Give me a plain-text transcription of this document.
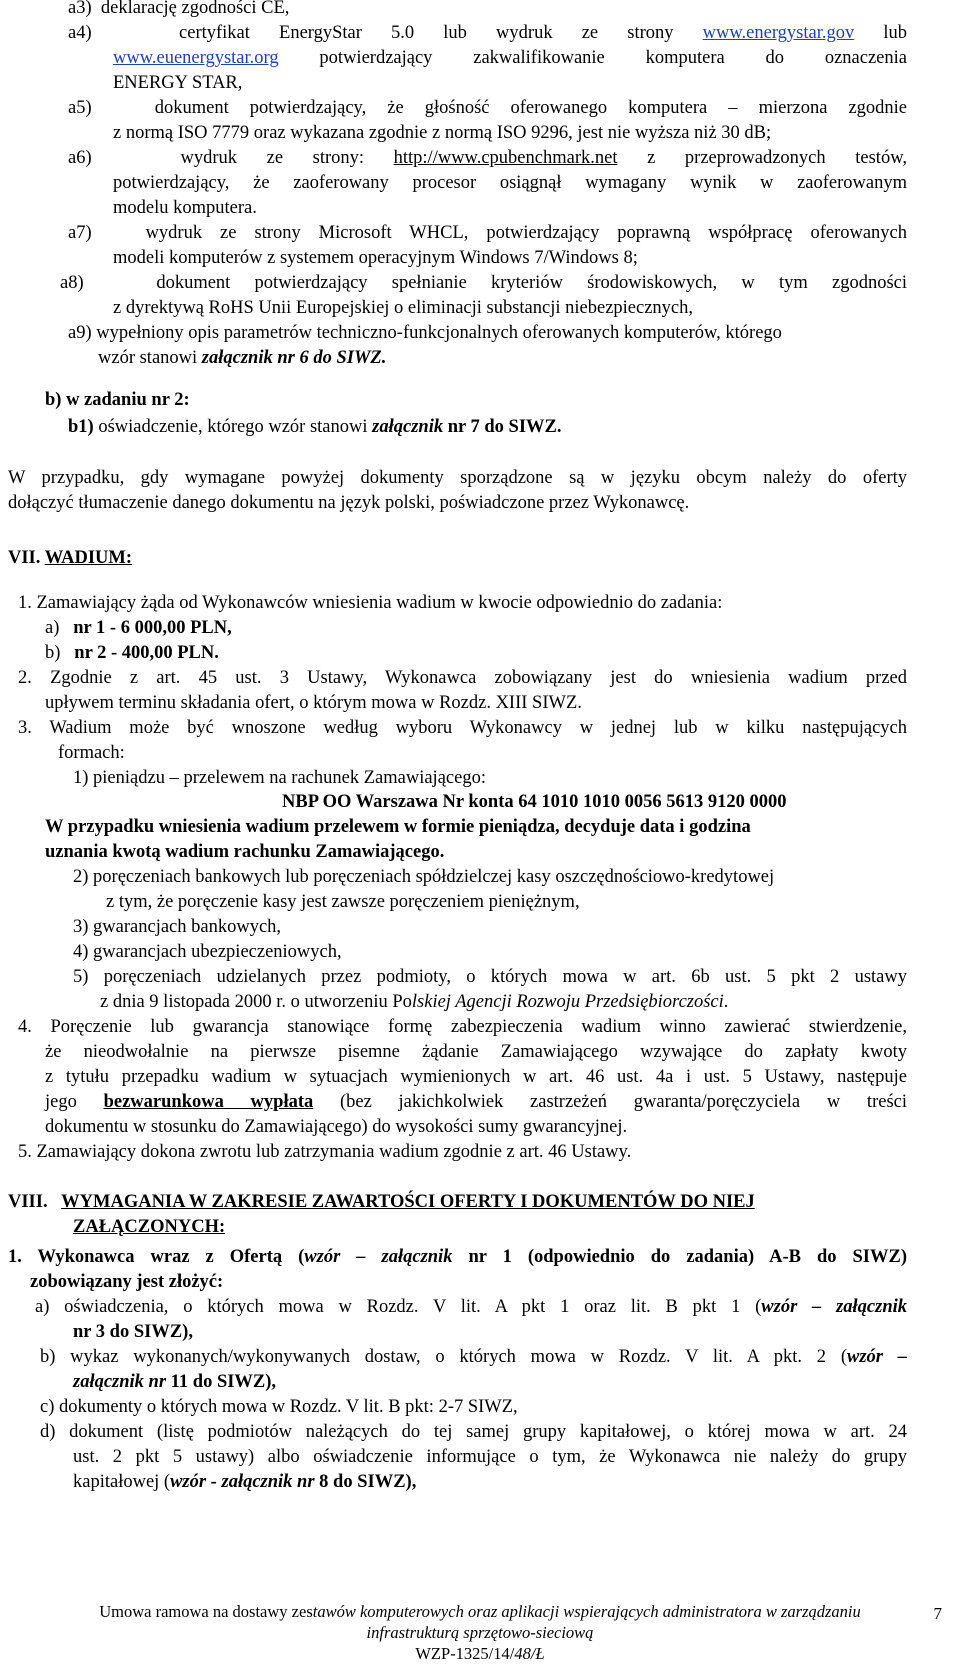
a3) deklarację zgodności CE,
a4)	certyfikat EnergyStar 5.0 lub wydruk ze strony www.energystar.gov lub
www.euenergystar.org potwierdzający zakwalifikowanie komputera do oznaczenia
ENERGY STAR,
a5)	dokument potwierdzający, że głośność oferowanego komputera – mierzona zgodnie
z normą ISO 7779 oraz wykazana zgodnie z normą ISO 9296, jest nie wyższa niż 30 dB;
a6)	wydruk ze strony: http://www.cpubenchmark.net z przeprowadzonych testów,
potwierdzający, że zaoferowany procesor osiągnął wymagany wynik w zaoferowanym
modelu komputera.
a7)	wydruk ze strony Microsoft WHCL, potwierdzający poprawną współpracę oferowanych
modeli komputerów z systemem operacyjnym Windows 7/Windows 8;
a8)	dokument potwierdzający spełnianie kryteriów środowiskowych, w tym zgodności
z dyrektywą RoHS Unii Europejskiej o eliminacji substancji niebezpiecznych,
a9) wypełniony opis parametrów techniczno-funkcjonalnych oferowanych komputerów, którego
wzór stanowi załącznik nr 6 do SIWZ.
b) w zadaniu nr 2:
b1) oświadczenie, którego wzór stanowi załącznik nr 7 do SIWZ.
W przypadku, gdy wymagane powyżej dokumenty sporządzone są w języku obcym należy do oferty
dołączyć tłumaczenie danego dokumentu na język polski, poświadczone przez Wykonawcę.
VII. WADIUM:
1. Zamawiający żąda od Wykonawców wniesienia wadium w kwocie odpowiednio do zadania:
a) nr 1 - 6 000,00 PLN,
b) nr 2 - 400,00 PLN.
2. Zgodnie z art. 45 ust. 3 Ustawy, Wykonawca zobowiązany jest do wniesienia wadium przed
upływem terminu składania ofert, o którym mowa w Rozdz. XIII SIWZ.
3. Wadium może być wnoszone według wyboru Wykonawcy w jednej lub w kilku następujących
formach:
1) pieniądzu – przelewem na rachunek Zamawiającego:
NBP OO Warszawa Nr konta 64 1010 1010 0056 5613 9120 0000
W przypadku wniesienia wadium przelewem w formie pieniądza, decyduje data i godzina
uznania kwotą wadium rachunku Zamawiającego.
2) poręczeniach bankowych lub poręczeniach spółdzielczej kasy oszczędnościowo-kredytowej
z tym, że poręczenie kasy jest zawsze poręczeniem pieniężnym,
3) gwarancjach bankowych,
4) gwarancjach ubezpieczeniowych,
5) poręczeniach udzielanych przez podmioty, o których mowa w art. 6b ust. 5 pkt 2 ustawy
z dnia 9 listopada 2000 r. o utworzeniu Polskiej Agencji Rozwoju Przedsiębiorczości.
4. Poręczenie lub gwarancja stanowiące formę zabezpieczenia wadium winno zawierać stwierdzenie,
że nieodwołalnie na pierwsze pisemne żądanie Zamawiającego wzywające do zapłaty kwoty
z tytułu przepadku wadium w sytuacjach wymienionych w art. 46 ust. 4a i ust. 5 Ustawy, następuje
jego bezwarunkowa wypłata (bez jakichkolwiek zastrzeżeń gwaranta/poręczyciela w treści
dokumentu w stosunku do Zamawiającego) do wysokości sumy gwarancyjnej.
5. Zamawiający dokona zwrotu lub zatrzymania wadium zgodnie z art. 46 Ustawy.
VIII. WYMAGANIA W ZAKRESIE ZAWARTOŚCI OFERTY I DOKUMENTÓW DO NIEJ
ZAŁĄCZONYCH:
1. Wykonawca wraz z Ofertą (wzór – załącznik nr 1 (odpowiednio do zadania) A-B do SIWZ)
zobowiązany jest złożyć:
a) oświadczenia, o których mowa w Rozdz. V lit. A pkt 1 oraz lit. B pkt 1 (wzór – załącznik
nr 3 do SIWZ),
b) wykaz wykonanych/wykonywanych dostaw, o których mowa w Rozdz. V lit. A pkt. 2 (wzór –
załącznik nr 11 do SIWZ),
c) dokumenty o których mowa w Rozdz. V lit. B pkt: 2-7 SIWZ,
d) dokument (listę podmiotów należących do tej samej grupy kapitałowej, o której mowa w art. 24
ust. 2 pkt 5 ustawy) albo oświadczenie informujące o tym, że Wykonawca nie należy do grupy
kapitałowej (wzór - załącznik nr 8 do SIWZ),
Umowa ramowa na dostawy zestawów komputerowych oraz aplikacji wspierających administratora w zarządzaniu
infrastrukturą sprzętowo-sieciową
WZP-1325/14/48/Ł
7
